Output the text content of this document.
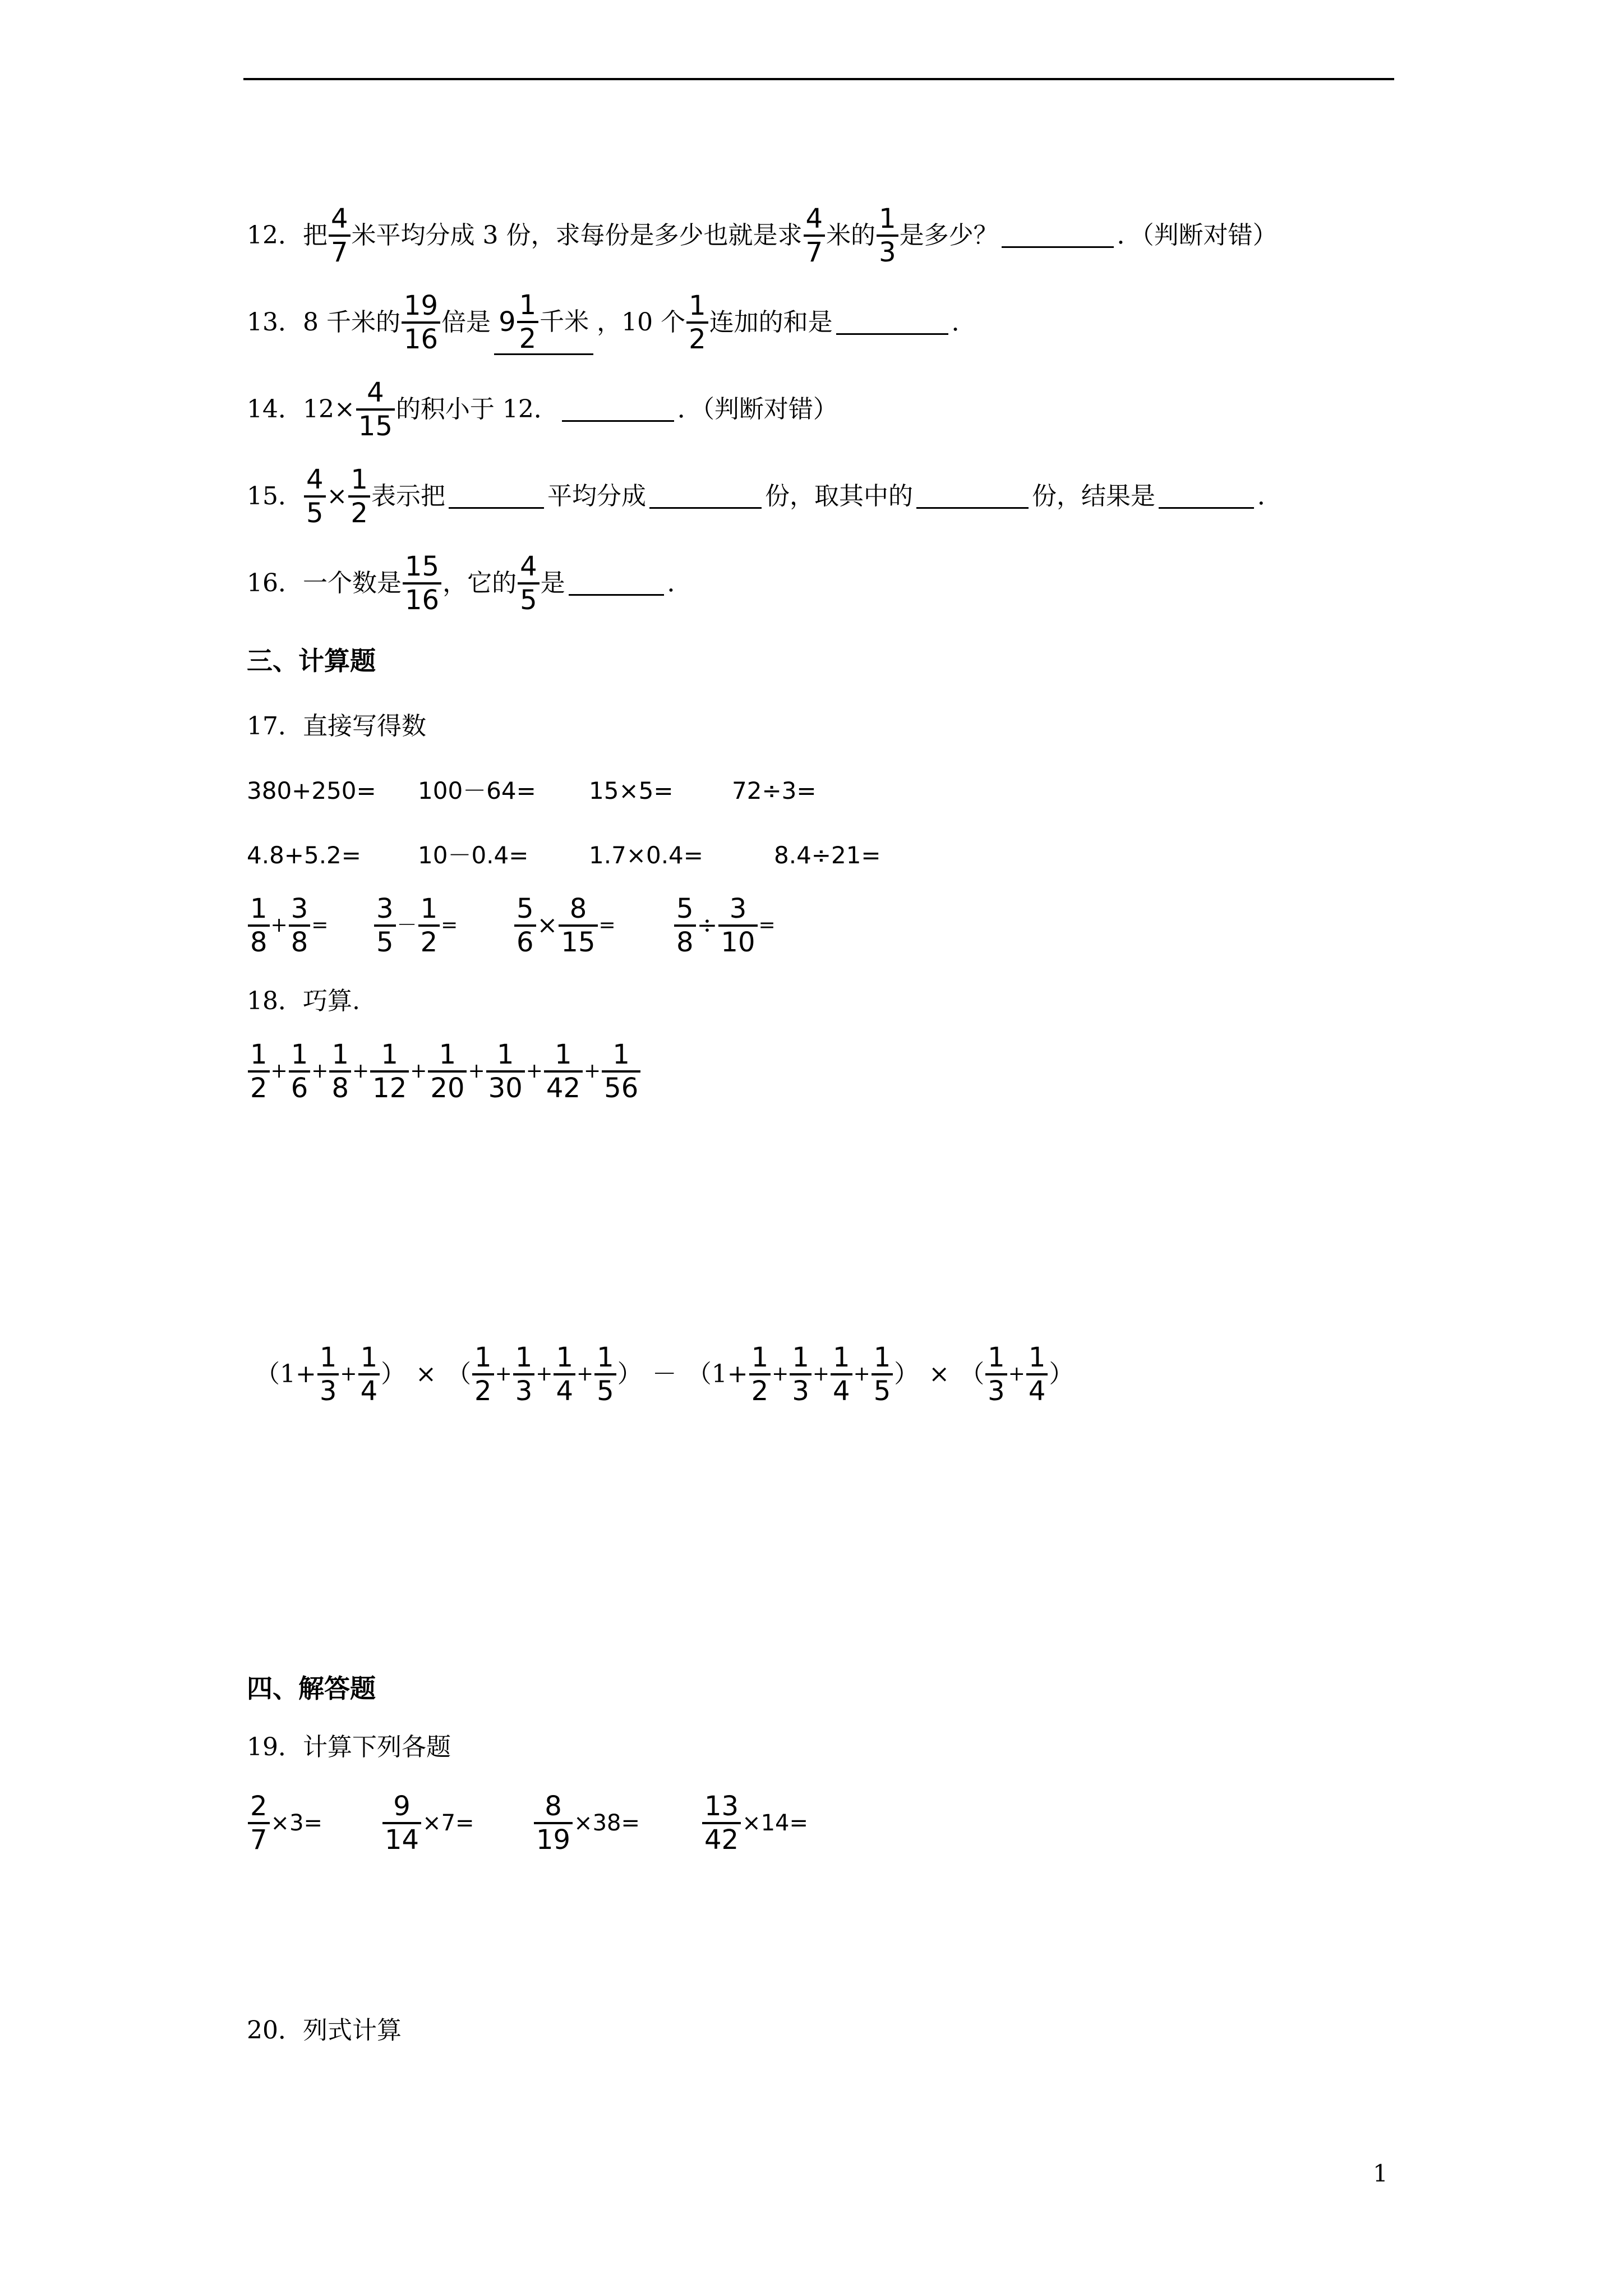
12． 把 $\frac{4}{7}$ 米平均分成 3 份，求每份是多少也就是求 $\frac{4}{7}$ 米的 $\frac{1}{3}$ 是多少？	．（判断对错）
13． 8 千米的 $\frac{19}{16}$ 倍是 $9 \frac{1}{2}$ 千米 ，10 个 $\frac{1}{2}$ 连加的和是	．
14． $12\times \frac{4}{15}$ 的积小于 12．	．（判断对错）
15． $\frac{4}{5} \times \frac{1}{2}$ 表示把	平均分成	份，取其中的	份，结果是	．
16． 一个数是 $\frac{15}{16}$ ，它的 $\frac{4}{5}$ 是	．
三、计算题
17．直接写得数
380+250=	100－64=	15×5=	72÷3=
4.8+5.2=	10－0.4=	1.7×0.4=	8.4÷21=
$\frac{1}{8} + \frac{3}{8} = \frac{3}{5} - \frac{1}{2} = \frac{5}{6} \times \frac{8}{15} = \frac{5}{8} \div \frac{3}{10}$ =
18．巧算.
$\frac{1}{2} + \frac{1}{6} + \frac{1}{8} + \frac{1}{12} + \frac{1}{20} + \frac{1}{30} + \frac{1}{42} + \frac{1}{56}$
（$1+ \frac{1}{3} + \frac{1}{4}$ ） × （ $\frac{1}{2} + \frac{1}{3} + \frac{1}{4} + \frac{1}{5}$ ） － （$1+ \frac{1}{2} + \frac{1}{3} + \frac{1}{4} + \frac{1}{5}$ ） × （ $\frac{1}{3} + \frac{1}{4}$ ）
四、解答题
19．计算下列各题
$\frac{2}{7} \times 3= \frac{9}{14} \times 7= \frac{8}{19} \times 38= \frac{13}{42} \times 14=$
20．列式计算
1
